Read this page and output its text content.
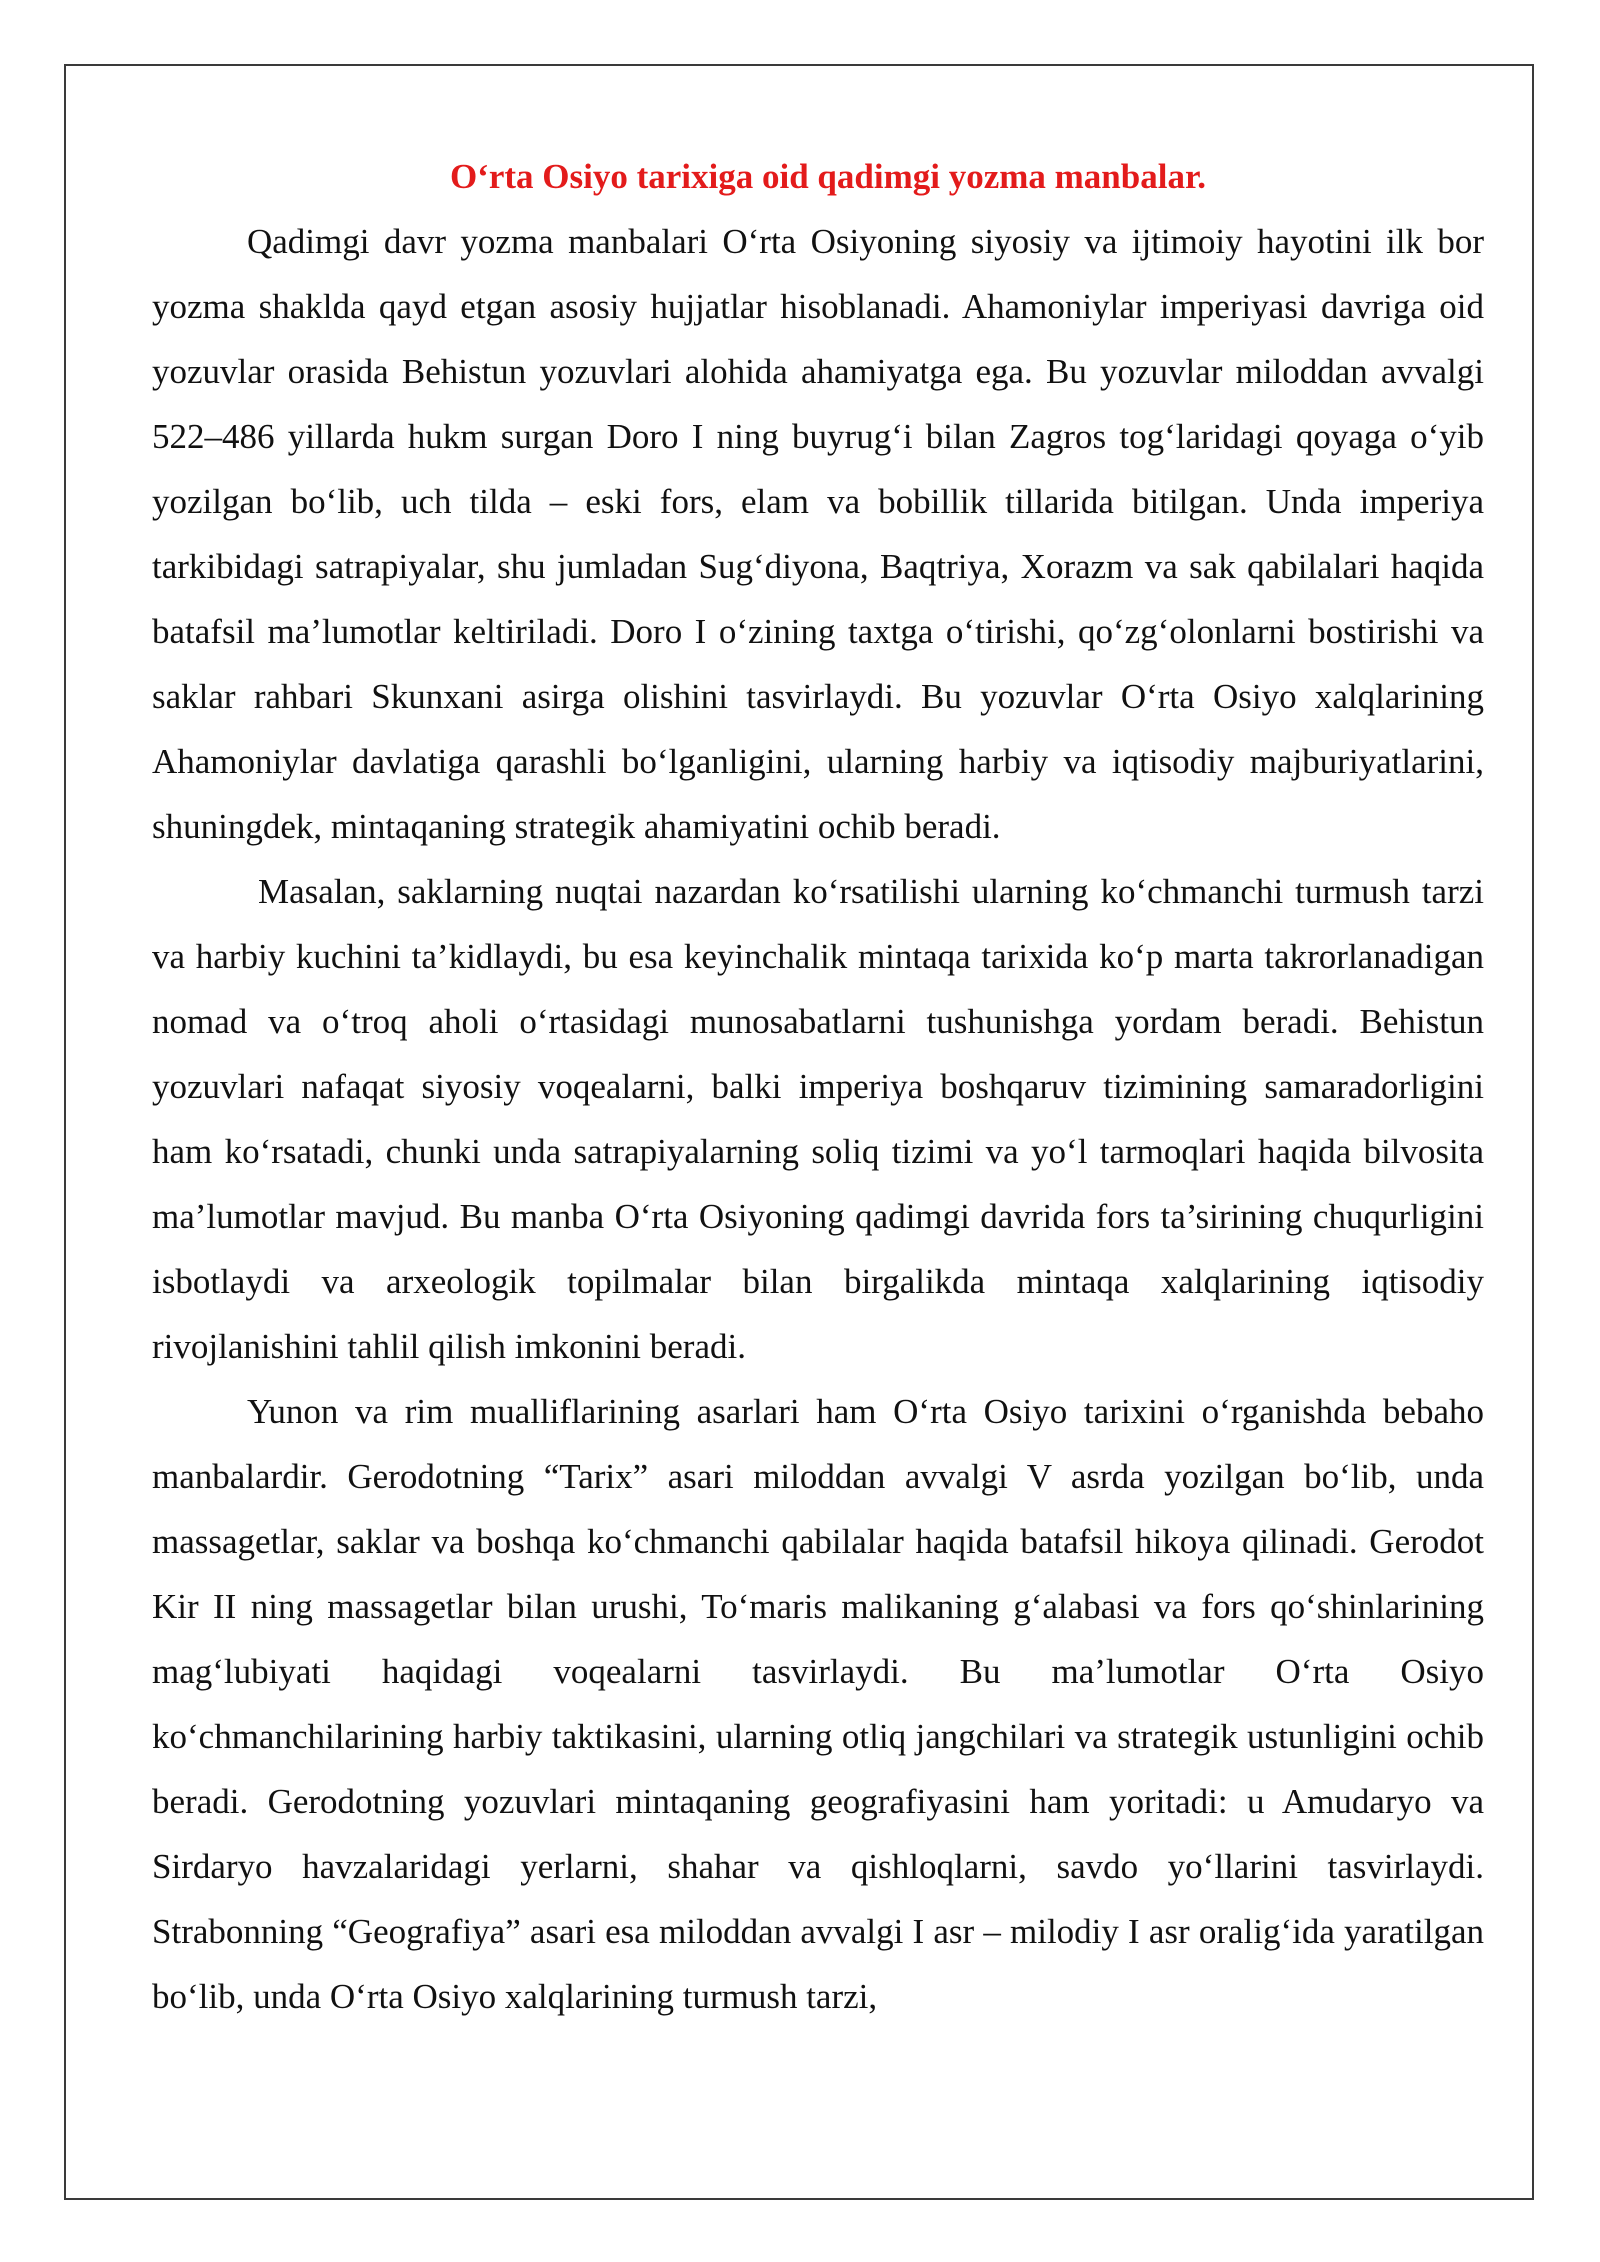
O‘rta Osiyo tarixiga oid qadimgi yozma manbalar.

Qadimgi davr yozma manbalari O‘rta Osiyoning siyosiy va ijtimoiy hayotini ilk bor yozma shaklda qayd etgan asosiy hujjatlar hisoblanadi. Ahamoniylar imperiyasi davriga oid yozuvlar orasida Behistun yozuvlari alohida ahamiyatga ega. Bu yozuvlar miloddan avvalgi 522–486 yillarda hukm surgan Doro I ning buyrug‘i bilan Zagros tog‘laridagi qoyaga o‘yib yozilgan bo‘lib, uch tilda – eski fors, elam va bobillik tillarida bitilgan. Unda imperiya tarkibidagi satrapiyalar, shu jumladan Sug‘diyona, Baqtriya, Xorazm va sak qabilalari haqida batafsil ma’lumotlar keltiriladi. Doro I o‘zining taxtga o‘tirishi, qo‘zg‘olonlarni bostirishi va saklar rahbari Skunxani asirga olishini tasvirlaydi. Bu yozuvlar O‘rta Osiyo xalqlarining Ahamoniylar davlatiga qarashli bo‘lganligini, ularning harbiy va iqtisodiy majburiyatlarini, shuningdek, mintaqaning strategik ahamiyatini ochib beradi.

Masalan, saklarning nuqtai nazardan ko‘rsatilishi ularning ko‘chmanchi turmush tarzi va harbiy kuchini ta’kidlaydi, bu esa keyinchalik mintaqa tarixida ko‘p marta takrorlanadigan nomad va o‘troq aholi o‘rtasidagi munosabatlarni tushunishga yordam beradi. Behistun yozuvlari nafaqat siyosiy voqealarni, balki imperiya boshqaruv tizimining samaradorligini ham ko‘rsatadi, chunki unda satrapiyalarning soliq tizimi va yo‘l tarmoqlari haqida bilvosita ma’lumotlar mavjud. Bu manba O‘rta Osiyoning qadimgi davrida fors ta’sirining chuqurligini isbotlaydi va arxeologik topilmalar bilan birgalikda mintaqa xalqlarining iqtisodiy rivojlanishini tahlil qilish imkonini beradi.

Yunon va rim mualliflarining asarlari ham O‘rta Osiyo tarixini o‘rganishda bebaho manbalardir. Gerodotning “Tarix” asari miloddan avvalgi V asrda yozilgan bo‘lib, unda massagetlar, saklar va boshqa ko‘chmanchi qabilalar haqida batafsil hikoya qilinadi. Gerodot Kir II ning massagetlar bilan urushi, To‘maris malikaning g‘alabasi va fors qo‘shinlarining mag‘lubiyati haqidagi voqealarni tasvirlaydi. Bu ma’lumotlar O‘rta Osiyo ko‘chmanchilarining harbiy taktikasini, ularning otliq jangchilari va strategik ustunligini ochib beradi. Gerodotning yozuvlari mintaqaning geografiyasini ham yoritadi: u Amudaryo va Sirdaryo havzalaridagi yerlarni, shahar va qishloqlarni, savdo yo‘llarini tasvirlaydi. Strabonning “Geografiya” asari esa miloddan avvalgi I asr – milodiy I asr oralig‘ida yaratilgan bo‘lib, unda O‘rta Osiyo xalqlarining turmush tarzi,
